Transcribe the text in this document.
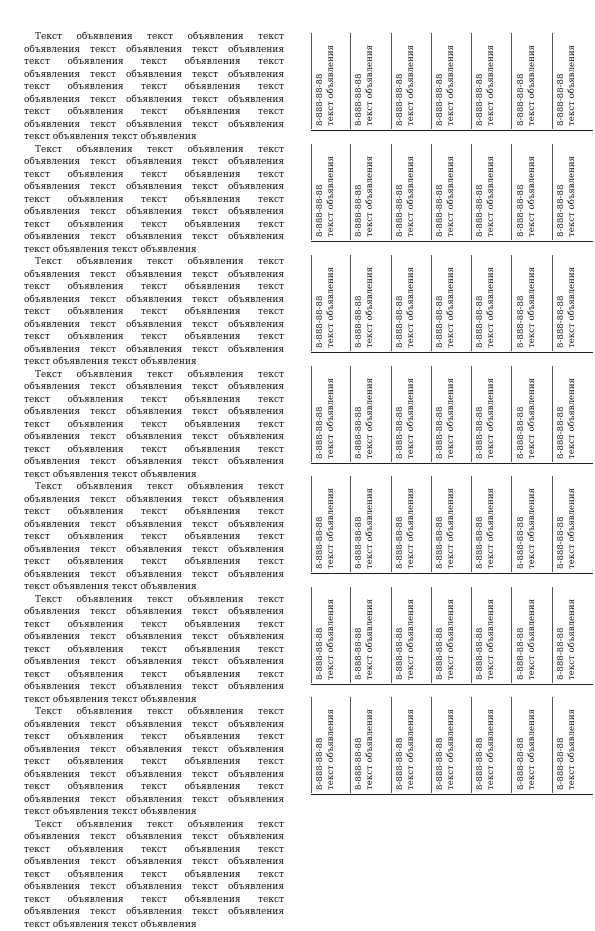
Текст объявления текст объявления текст объявления текст объявления текст объявления текст объявления текст объявления текст объявления текст объявления текст объявления текст объявления текст объявления текст объявления текст объявления текст объявления текст объявления текст объявления текст объявления текст объявления текст объявления текст объявления текст объявления

Текст объявления текст объявления текст объявления текст объявления текст объявления текст объявления текст объявления текст объявления текст объявления текст объявления текст объявления текст объявления текст объявления текст объявления текст объявления текст объявления текст объявления текст объявления текст объявления текст объявления текст объявления текст объявления

Текст объявления текст объявления текст объявления текст объявления текст объявления текст объявления текст объявления текст объявления текст объявления текст объявления текст объявления текст объявления текст объявления текст объявления текст объявления текст объявления текст объявления текст объявления текст объявления текст объявления текст объявления текст объявления

Текст объявления текст объявления текст объявления текст объявления текст объявления текст объявления текст объявления текст объявления текст объявления текст объявления текст объявления текст объявления текст объявления текст объявления текст объявления текст объявления текст объявления текст объявления текст объявления текст объявления текст объявления текст объявления

Текст объявления текст объявления текст объявления текст объявления текст объявления текст объявления текст объявления текст объявления текст объявления текст объявления текст объявления текст объявления текст объявления текст объявления текст объявления текст объявления текст объявления текст объявления текст объявления текст объявления текст объявления текст объявления

Текст объявления текст объявления текст объявления текст объявления текст объявления текст объявления текст объявления текст объявления текст объявления текст объявления текст объявления текст объявления текст объявления текст объявления текст объявления текст объявления текст объявления текст объявления текст объявления текст объявления текст объявления текст объявления

Текст объявления текст объявления текст объявления текст объявления текст объявления текст объявления текст объявления текст объявления текст объявления текст объявления текст объявления текст объявления текст объявления текст объявления текст объявления текст объявления текст объявления текст объявления текст объявления текст объявления текст объявления текст объявления

Текст объявления текст объявления текст объявления текст объявления текст объявления текст объявления текст объявления текст объявления текст объявления текст объявления текст объявления текст объявления текст объявления текст объявления текст объявления текст объявления текст объявления текст объявления текст объявления текст объявления текст объявления текст объявления

8-888-88-88 текст объявления 8-888-88-88 текст объявления 8-888-88-88 текст объявления 8-888-88-88 текст объявления 8-888-88-88 текст объявления 8-888-88-88 текст объявления 8-888-88-88 текст объявления
8-888-88-88 текст объявления 8-888-88-88 текст объявления 8-888-88-88 текст объявления 8-888-88-88 текст объявления 8-888-88-88 текст объявления 8-888-88-88 текст объявления 8-888-88-88 текст объявления
8-888-88-88 текст объявления 8-888-88-88 текст объявления 8-888-88-88 текст объявления 8-888-88-88 текст объявления 8-888-88-88 текст объявления 8-888-88-88 текст объявления 8-888-88-88 текст объявления
8-888-88-88 текст объявления 8-888-88-88 текст объявления 8-888-88-88 текст объявления 8-888-88-88 текст объявления 8-888-88-88 текст объявления 8-888-88-88 текст объявления 8-888-88-88 текст объявления
8-888-88-88 текст объявления 8-888-88-88 текст объявления 8-888-88-88 текст объявления 8-888-88-88 текст объявления 8-888-88-88 текст объявления 8-888-88-88 текст объявления 8-888-88-88 текст объявления
8-888-88-88 текст объявления 8-888-88-88 текст объявления 8-888-88-88 текст объявления 8-888-88-88 текст объявления 8-888-88-88 текст объявления 8-888-88-88 текст объявления 8-888-88-88 текст объявления
8-888-88-88 текст объявления 8-888-88-88 текст объявления 8-888-88-88 текст объявления 8-888-88-88 текст объявления 8-888-88-88 текст объявления 8-888-88-88 текст объявления 8-888-88-88 текст объявления
